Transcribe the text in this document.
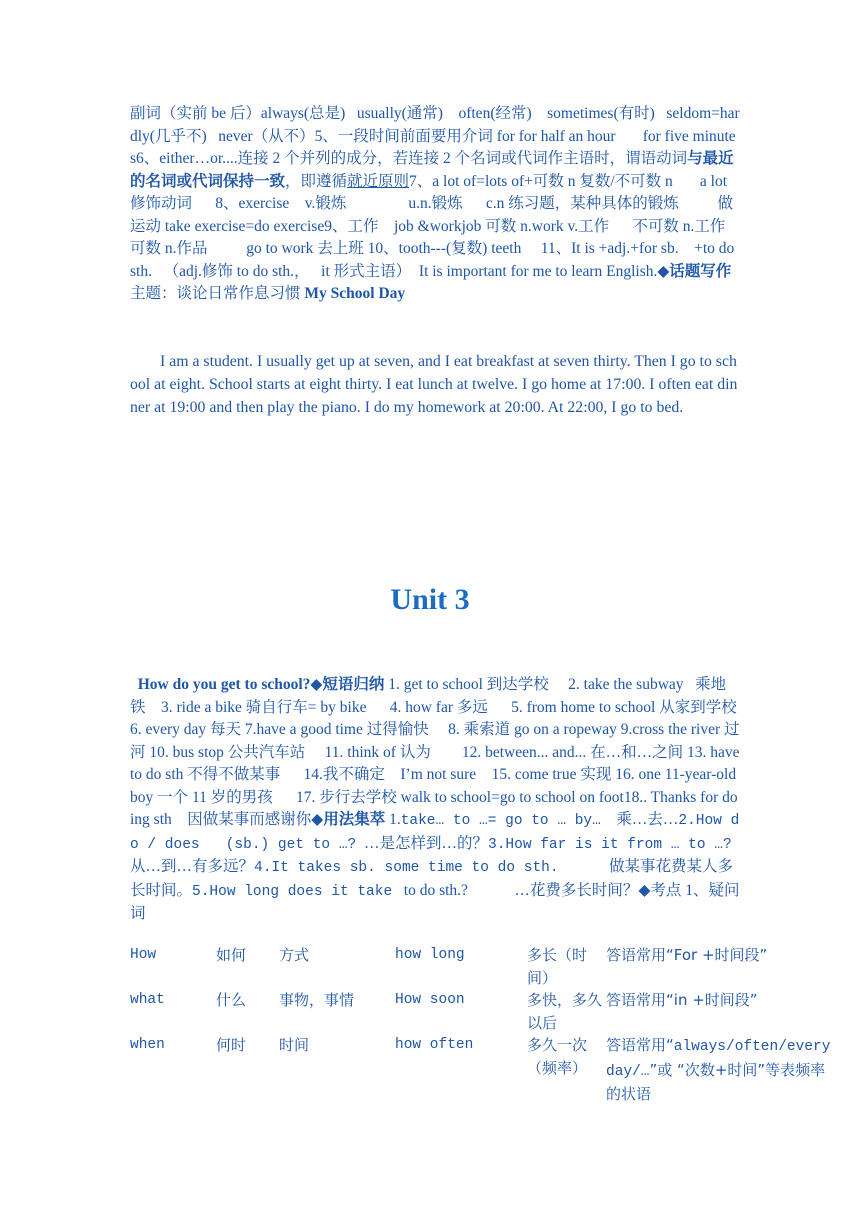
副词（实前 be 后）always(总是)   usually(通常)    often(经常)    sometimes(有时)   seldom=hardly(几乎不)   never（从不）5、一段时间前面要用介词 for for half an hour       for five minutes6、either…or....连接 2 个并列的成分，若连接 2 个名词或代词作主语时，谓语动词与最近的名词或代词保持一致，即遵循就近原则7、a lot of=lots of+可数 n 复数/不可数 n       a lot 修饰动词      8、exercise    v.锻炼                u.n.锻炼      c.n 练习题，某种具体的锻炼          做运动 take exercise=do exercise9、工作    job &workjob 可数 n.work v.工作      不可数 n.工作          可数 n.作品          go to work 去上班 10、tooth---(复数) teeth     11、It is +adj.+for sb.    +to do sth.   （adj.修饰 to do sth.，   it 形式主语）  It is important for me to learn English.◆话题写作主题：谈论日常作息习惯 My School Day
I am a student. I usually get up at seven, and I eat breakfast at seven thirty. Then I go to school at eight. School starts at eight thirty. I eat lunch at twelve. I go home at 17:00. I often eat dinner at 19:00 and then play the piano. I do my homework at 20:00. At 22:00, I go to bed.
Unit 3
How do you get to school?◆短语归纳 1. get to school 到达学校     2. take the subway   乘地铁    3. ride a bike 骑自行车= by bike      4. how far 多远      5. from home to school 从家到学校     6. every day 每天 7.have a good time 过得愉快     8. 乘索道 go on a ropeway 9.cross the river 过河 10. bus stop 公共汽车站     11. think of 认为        12. between... and... 在…和…之间 13. have to do sth 不得不做某事      14.我不确定    I’m not sure    15. come true 实现 16. one 11-year-old boy 一个 11 岁的男孩      17. 步行去学校 walk to school=go to school on foot18.. Thanks for doing sth    因做某事而感谢你◆用法集萃 1.take… to …= go to … by…    乘…去…2.How do / does   (sb.) get to …?  …是怎样到…的？3.How far is it from … to …?           从…到…有多远？4.It takes sb. some time to do sth.             做某事花费某人多长时间。5.How long does it take   to do sth.?            …花费多长时间？◆考点 1、疑问词
How	如何	方式	how long	多长（时间）	答语常用“For +时间段”
what	什么	事物，事情	How soon	多快，多久以后	答语常用“in +时间段”
when	何时	时间	how often	多久一次（频率）	答语常用“always/often/every day/…”或 “次数+时间”等表频率的状语
